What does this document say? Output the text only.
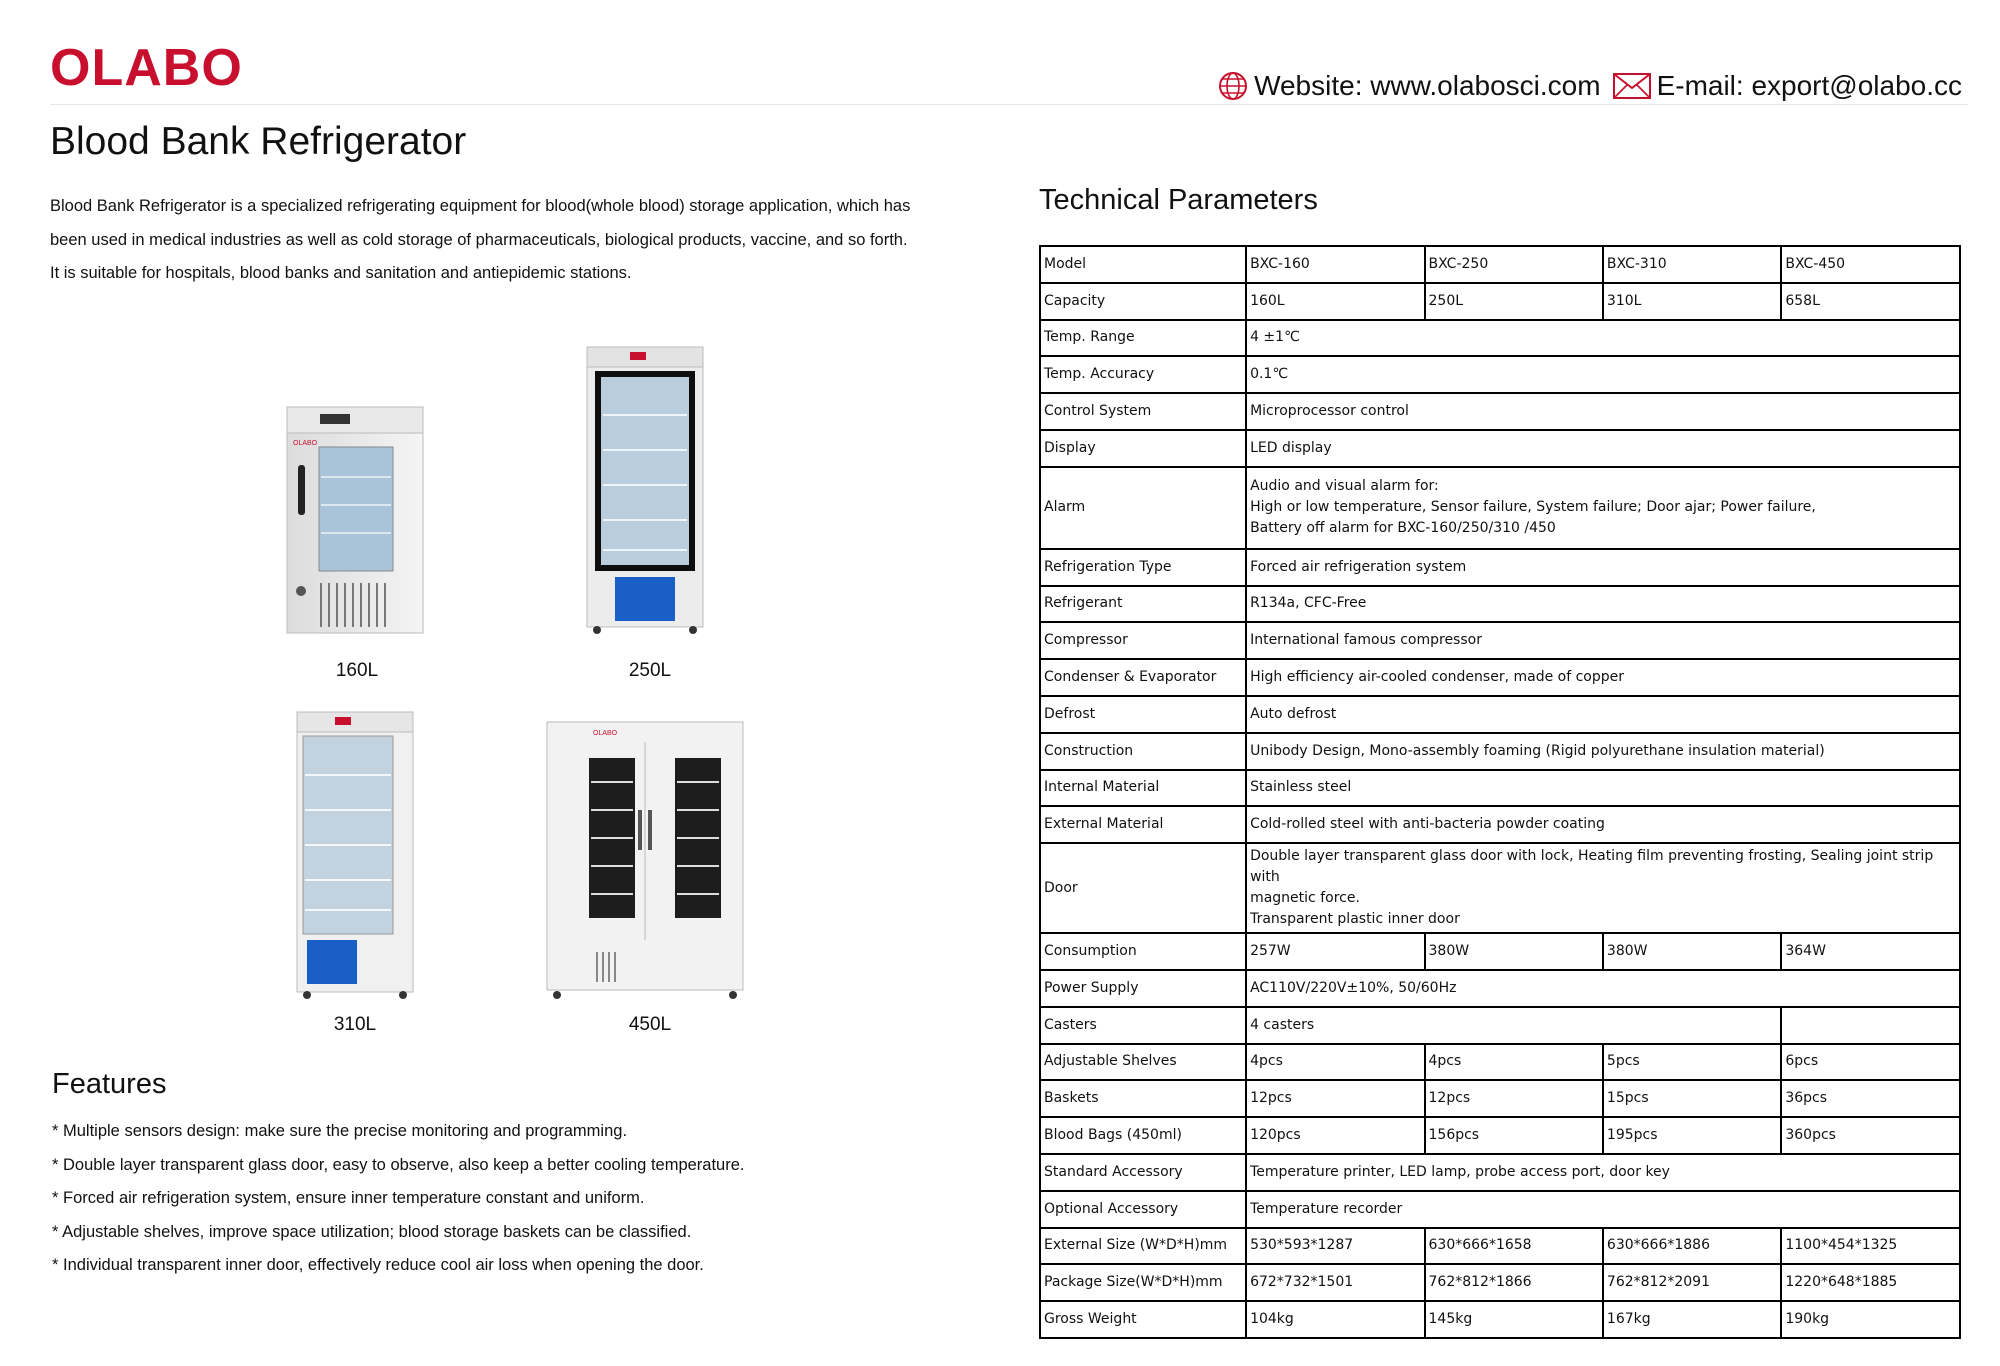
OLABO	Website: www.olabosci.com E-mail: export@olabo.cc
Blood Bank Refrigerator

Blood Bank Refrigerator is a specialized refrigerating equipment for blood(whole blood) storage application, which has

been used in medical industries as well as cold storage of pharmaceuticals, biological products, vaccine, and so forth.

It is suitable for hospitals, blood banks and sanitation and antiepidemic stations.

OLABO
160L	250L
310L
OLABO
450L
Features
* Multiple sensors design: make sure the precise monitoring and programming.
* Double layer transparent glass door, easy to observe, also keep a better cooling temperature.
* Forced air refrigeration system, ensure inner temperature constant and uniform.
* Adjustable shelves, improve space utilization; blood storage baskets can be classified.
* Individual transparent inner door, effectively reduce cool air loss when opening the door.
Technical Parameters
Model	BXC-160	BXC-250	BXC-310	BXC-450
Capacity	160L	250L	310L	658L
Temp. Range	4 ±1℃			
Temp. Accuracy	0.1℃			
Control System	Microprocessor control			
Display	LED display			
Alarm	Audio and visual alarm for:
High or low temperature, Sensor failure, System failure; Door ajar; Power failure,
Battery off alarm for BXC-160/250/310 /450			

Refrigeration Type	Forced air refrigeration system			
Refrigerant	R134a, CFC-Free			
Compressor	International famous compressor			
Condenser & Evaporator	High efficiency air-cooled condenser, made of copper			
Defrost	Auto defrost			
Construction	Unibody Design, Mono-assembly foaming (Rigid polyurethane insulation material)			
Internal Material	Stainless steel			
External Material	Cold-rolled steel with anti-bacteria powder coating			
Door	Double layer transparent glass door with lock, Heating film preventing frosting, Sealing joint strip with
magnetic force.
Transparent plastic inner door			

Consumption	257W	380W	380W	364W
Power Supply	AC110V/220V±10%, 50/60Hz			
Casters	4 casters			
Adjustable Shelves	4pcs	4pcs	5pcs	6pcs
Baskets	12pcs	12pcs	15pcs	36pcs
Blood Bags (450ml)	120pcs	156pcs	195pcs	360pcs
Standard Accessory	Temperature printer, LED lamp, probe access port, door key			
Optional Accessory	Temperature recorder			
External Size (W*D*H)mm	530*593*1287	630*666*1658	630*666*1886	1100*454*1325
Package Size(W*D*H)mm	672*732*1501	762*812*1866	762*812*2091	1220*648*1885
Gross Weight	104kg	145kg	167kg	190kg
